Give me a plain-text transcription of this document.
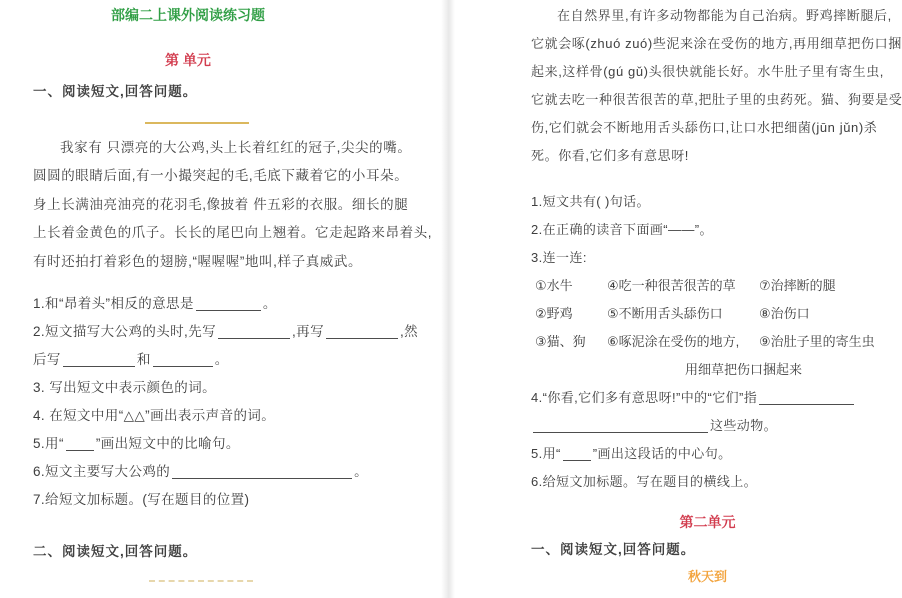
部编二上课外阅读练习题
第 单元
一、阅读短文,回答问题。
我家有 只漂亮的大公鸡,头上长着红红的冠子,尖尖的嘴。
圆圆的眼睛后面,有一小撮突起的毛,毛底下藏着它的小耳朵。
身上长满油亮油亮的花羽毛,像披着 件五彩的衣服。细长的腿
上长着金黄色的爪子。长长的尾巴向上翘着。它走起路来昂着头,
有时还拍打着彩色的翅膀,“喔喔喔”地叫,样子真威武。
1.和“昂着头”相反的意思是	。
2.短文描写大公鸡的头时,先写	,再写	,然
后写	和	。
3. 写出短文中表示颜色的词。
4. 在短文中用“△△”画出表示声音的词。
5.用“ ”画出短文中的比喻句。
6.短文主要写大公鸡的	。
7.给短文加标题。(写在题目的位置)
二、阅读短文,回答问题。
在自然界里,有许多动物都能为自己治病。野鸡摔断腿后,
它就会啄(zhuó zuó)些泥来涂在受伤的地方,再用细草把伤口捆
起来,这样骨(gú gǔ)头很快就能长好。水牛肚子里有寄生虫,
它就去吃一种很苦很苦的草,把肚子里的虫药死。猫、狗要是受
伤,它们就会不断地用舌头舔伤口,让口水把细菌(jūn jǔn)杀
死。你看,它们多有意思呀!
1.短文共有( )句话。
2.在正确的读音下面画“——”。
3.连一连:
①水牛	④吃一种很苦很苦的草	⑦治摔断的腿
②野鸡	⑤不断用舌头舔伤口	⑧治伤口
③猫、狗	⑥啄泥涂在受伤的地方,	⑨治肚子里的寄生虫
用细草把伤口捆起来
4.“你看,它们多有意思呀!”中的“它们”指
这些动物。
5.用“ ”画出这段话的中心句。
6.给短文加标题。写在题目的横线上。
第二单元
一、阅读短文,回答问题。
秋天到
